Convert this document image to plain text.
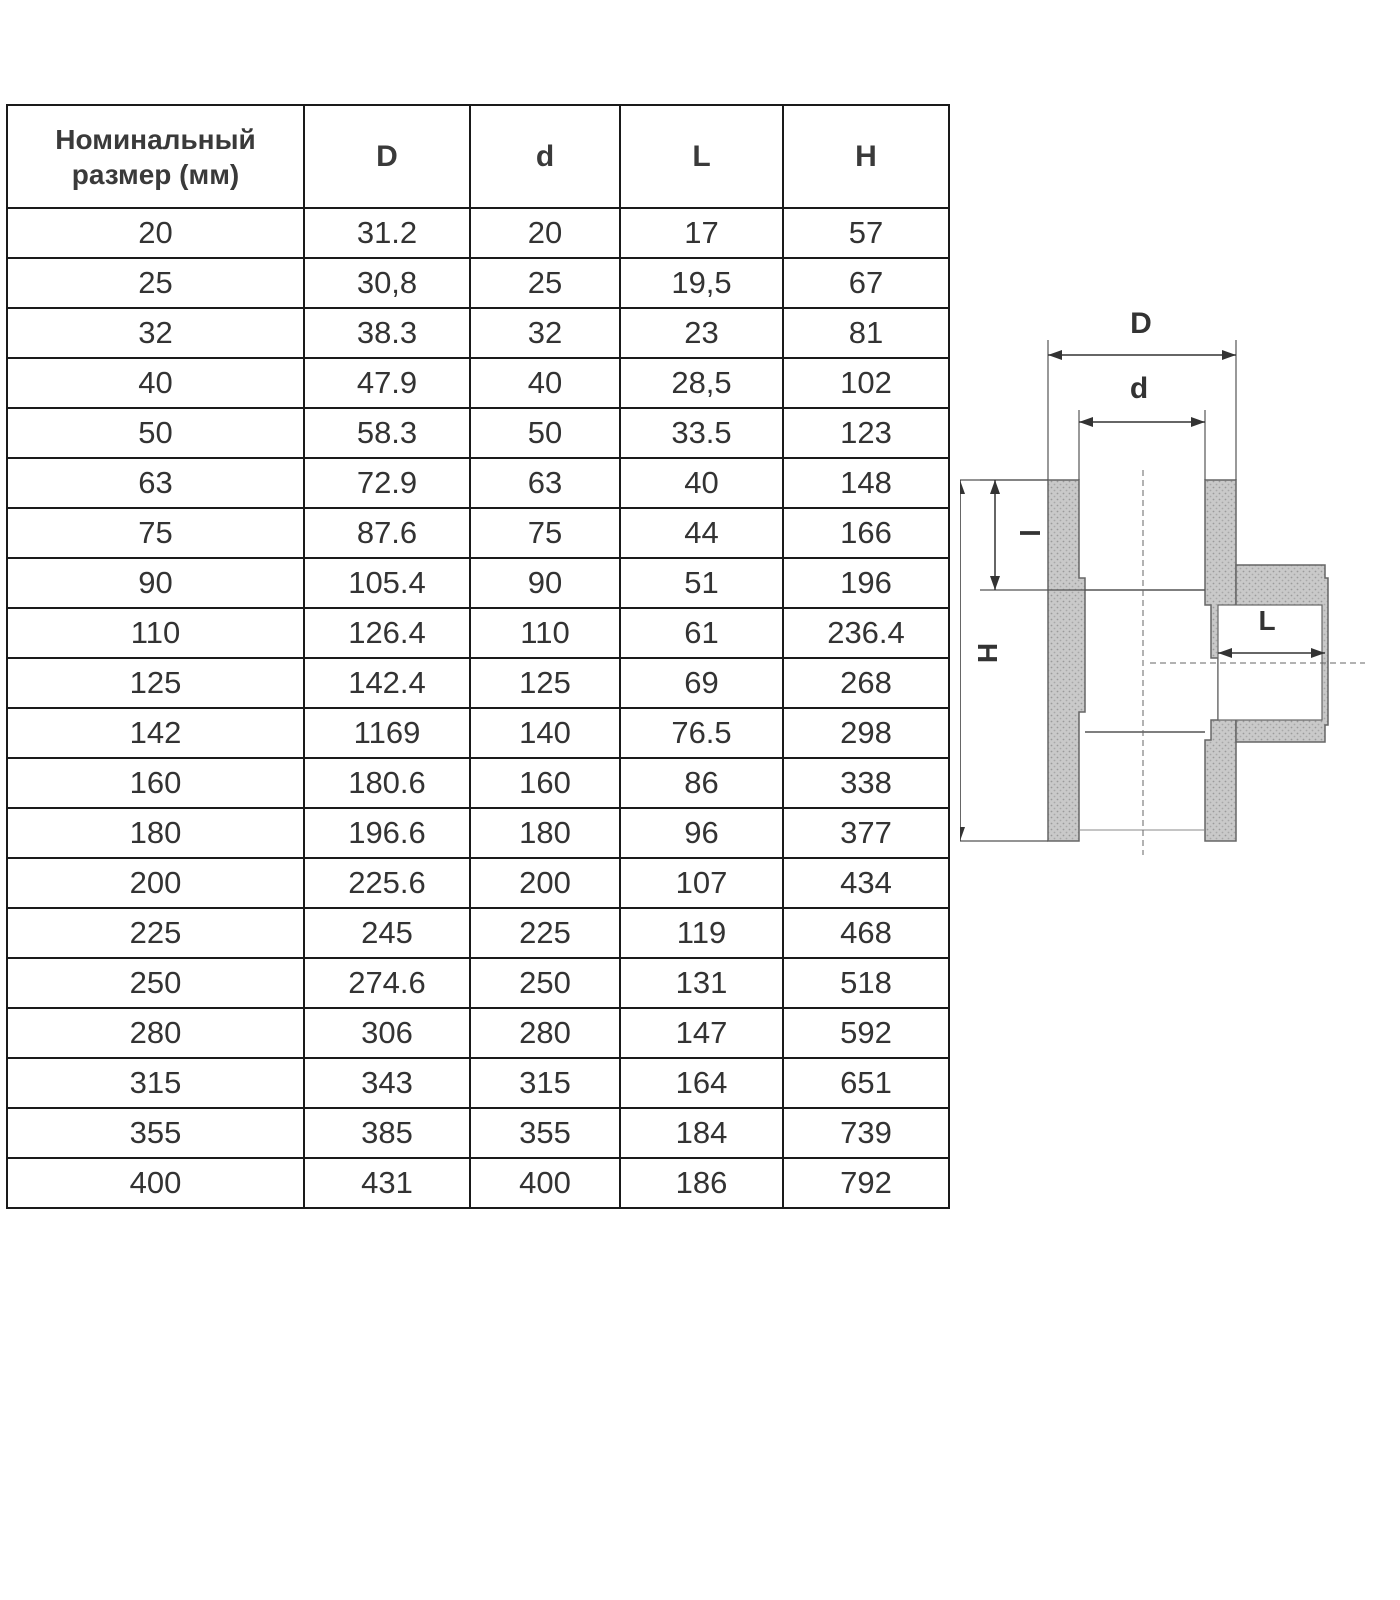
Номинальный размер (мм)	D	d	L	H
20	31.2	20	17	57
25	30,8	25	19,5	67
32	38.3	32	23	81
40	47.9	40	28,5	102
50	58.3	50	33.5	123
63	72.9	63	40	148
75	87.6	75	44	166
90	105.4	90	51	196
110	126.4	110	61	236.4
125	142.4	125	69	268
142	1169	140	76.5	298
160	180.6	160	86	338
180	196.6	180	96	377
200	225.6	200	107	434
225	245	225	119	468
250	274.6	250	131	518
280	306	280	147	592
315	343	315	164	651
355	385	355	184	739
400	431	400	186	792
D
d
H
l
L
